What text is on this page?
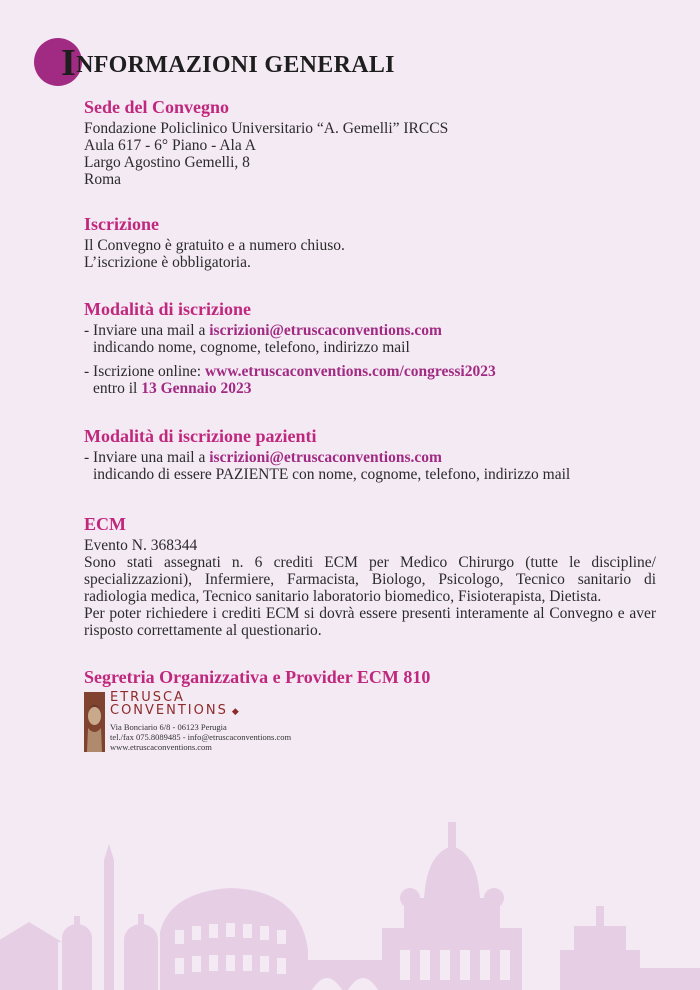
INFORMAZIONI GENERALI
Sede del Convegno
Fondazione Policlinico Universitario “A. Gemelli” IRCCS
Aula 617 - 6° Piano - Ala A
Largo Agostino Gemelli, 8
Roma
Iscrizione
Il Convegno è gratuito e a numero chiuso.
L’iscrizione è obbligatoria.
Modalità di iscrizione
- Inviare una mail a iscrizioni@etruscaconventions.com
indicando nome, cognome, telefono, indirizzo mail
- Iscrizione online: www.etruscaconventions.com/congressi2023
entro il 13 Gennaio 2023
Modalità di iscrizione pazienti
- Inviare una mail a iscrizioni@etruscaconventions.com
indicando di essere PAZIENTE con nome, cognome, telefono, indirizzo mail
ECM
Evento N. 368344
Sono stati assegnati n. 6 crediti ECM per Medico Chirurgo (tutte le discipline/ specializzazioni), Infermiere, Farmacista, Biologo, Psicologo, Tecnico sanitario di radiologia medica, Tecnico sanitario laboratorio biomedico, Fisioterapista, Dietista.
Per poter richiedere i crediti ECM si dovrà essere presenti interamente al Convegno e aver risposto correttamente al questionario.
Segretria Organizzativa e Provider ECM 810
ETRUSCA
CONVENTIONS ◆
Via Bonciario 6/8 - 06123 Perugia
tel./fax 075.8089485 - info@etruscaconventions.com
www.etruscaconventions.com
